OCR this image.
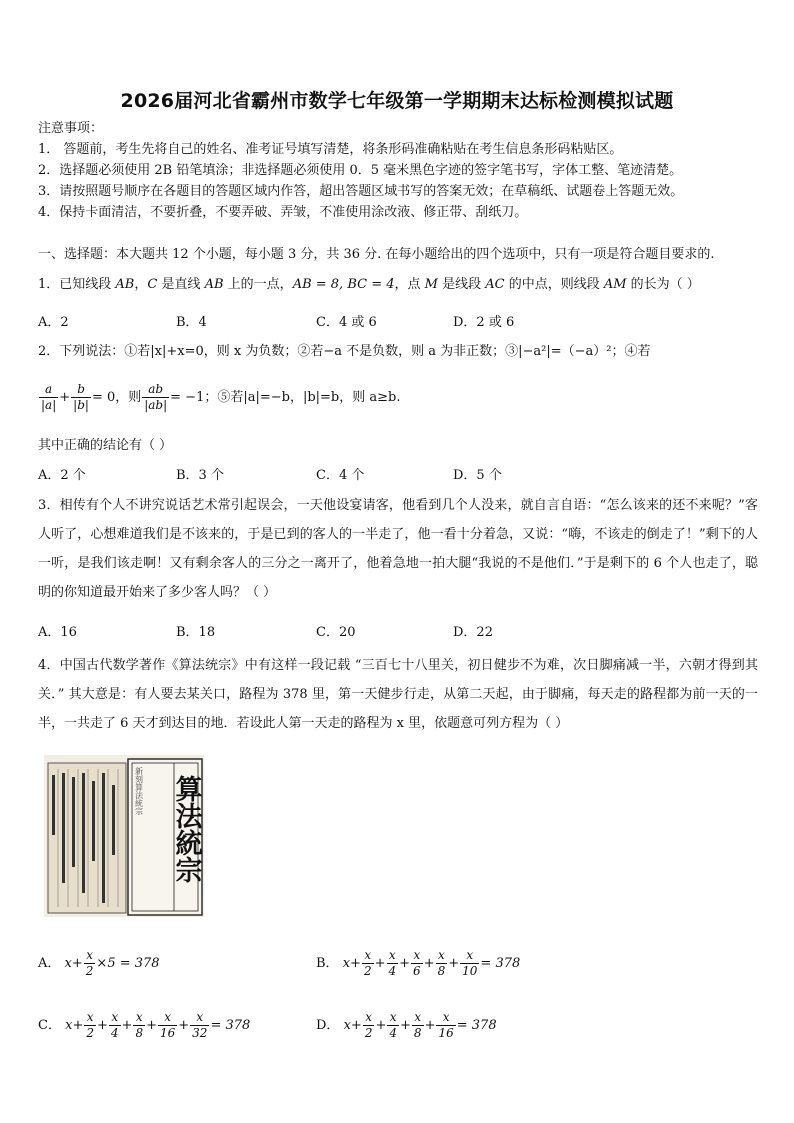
2026届河北省霸州市数学七年级第一学期期末达标检测模拟试题
注意事项：
1． 答题前，考生先将自己的姓名、准考证号填写清楚，将条形码准确粘贴在考生信息条形码粘贴区。
2．选择题必须使用 2B 铅笔填涂；非选择题必须使用 0．5 毫米黑色字迹的签字笔书写，字体工整、笔迹清楚。
3．请按照题号顺序在各题目的答题区域内作答，超出答题区域书写的答案无效；在草稿纸、试题卷上答题无效。
4．保持卡面清洁，不要折叠，不要弄破、弄皱，不准使用涂改液、修正带、刮纸刀。
一、选择题：本大题共 12 个小题，每小题 3 分，共 36 分. 在每小题给出的四个选项中，只有一项是符合题目要求的.
1．已知线段 AB，C 是直线 AB 上的一点，AB = 8, BC = 4，点 M 是线段 AC 的中点，则线段 AM 的长为（ ）
A．2	B．4	C．4 或 6	D．2 或 6
2．下列说法：①若|x|+x=0，则 x 为负数；②若−a 不是负数，则 a 为非正数；③|−a²|=（−a）²；④若
$\frac{a}{|a|} + \frac{b}{|b|} = 0$，则 $\frac{ab}{|ab|} = -1$；⑤若|a|=−b，|b|=b，则 a≥b.
其中正确的结论有（ ）
A．2 个	B．3 个	C．4 个	D．5 个
3．相传有个人不讲究说话艺术常引起误会，一天他设宴请客，他看到几个人没来，就自言自语：“怎么该来的还不来呢？”客人听了，心想难道我们是不该来的，于是已到的客人的一半走了，他一看十分着急，又说：“嗨，不该走的倒走了！”剩下的人一听，是我们该走啊！又有剩余客人的三分之一离开了，他着急地一拍大腿“我说的不是他们．”于是剩下的 6 个人也走了，聪明的你知道最开始来了多少客人吗？（ ）
A．16	B．18	C．20	D．22
4．中国古代数学著作《算法统宗》中有这样一段记载 “三百七十八里关，初日健步不为难，次日脚痛减一半，六朝才得到其关．” 其大意是：有人要去某关口，路程为 378 里，第一天健步行走，从第二天起，由于脚痛，每天走的路程都为前一天的一半，一共走了 6 天才到达目的地．若设此人第一天走的路程为 x 里，依题意可列方程为（ ）
新刻算法統宗 算法統宗
A． $x+ \frac{x}{2} \times 5 = 378$	B． $x+ \frac{x}{2} + \frac{x}{4} + \frac{x}{6} + \frac{x}{8} + \frac{x}{10} = 378$
C． $x+ \frac{x}{2} + \frac{x}{4} + \frac{x}{8} + \frac{x}{16} + \frac{x}{32} = 378$	D． $x+ \frac{x}{2} + \frac{x}{4} + \frac{x}{8} + \frac{x}{16} = 378$
